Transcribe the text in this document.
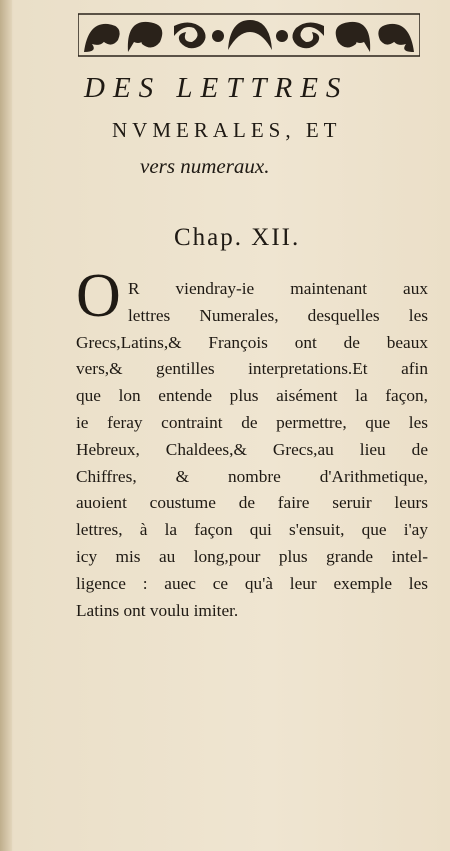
DES LETTRES
NVMERALES, ET
vers numeraux.
Chap. XII.
O R viendray-ie maintenant aux
lettres Numerales, desquelles les
Grecs,Latins,& François ont de beaux
vers,& gentilles interpretations.Et afin
que lon entende plus aisément la façon,
ie feray contraint de permettre, que les
Hebreux, Chaldees,& Grecs,au lieu de
Chiffres, & nombre d'Arithmetique,
auoient coustume de faire seruir leurs
lettres, à la façon qui s'ensuit, que i'ay
icy mis au long,pour plus grande intel-
ligence : auec ce qu'à leur exemple les
Latins ont voulu imiter.
